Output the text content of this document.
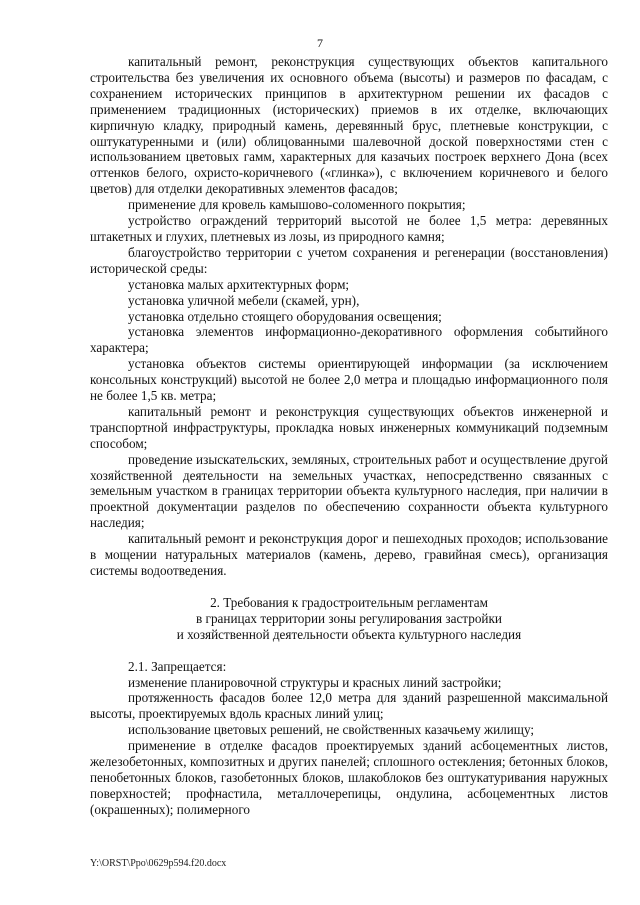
7

капитальный ремонт, реконструкция существующих объектов капитального строительства без увеличения их основного объема (высоты) и размеров по фасадам, с сохранением исторических принципов в архитектурном решении их фасадов с применением традиционных (исторических) приемов в их отделке, включающих кирпичную кладку, природный камень, деревянный брус, плетневые конструкции, с оштукатуренными и (или) облицованными шалевочной доской поверхностями стен с использованием цветовых гамм, характерных для казачьих построек верхнего Дона (всех оттенков белого, охристо-коричневого («глинка»), с включением коричневого и белого цветов) для отделки декоративных элементов фасадов;

применение для кровель камышово-соломенного покрытия;

устройство ограждений территорий высотой не более 1,5 метра: деревянных штакетных и глухих, плетневых из лозы, из природного камня;

благоустройство территории с учетом сохранения и регенерации (восстановления) исторической среды:

установка малых архитектурных форм;

установка уличной мебели (скамей, урн),

установка отдельно стоящего оборудования освещения;

установка элементов информационно-декоративного оформления событийного характера;

установка объектов системы ориентирующей информации (за исключением консольных конструкций) высотой не более 2,0 метра и площадью информационного поля не более 1,5 кв. метра;

капитальный ремонт и реконструкция существующих объектов инженерной и транспортной инфраструктуры, прокладка новых инженерных коммуникаций подземным способом;

проведение изыскательских, земляных, строительных работ и осуществление другой хозяйственной деятельности на земельных участках, непосредственно связанных с земельным участком в границах территории объекта культурного наследия, при наличии в проектной документации разделов по обеспечению сохранности объекта культурного наследия;

капитальный ремонт и реконструкция дорог и пешеходных проходов; использование в мощении натуральных материалов (камень, дерево, гравийная смесь), организация системы водоотведения.

2. Требования к градостроительным регламентам
в границах территории зоны регулирования застройки
и хозяйственной деятельности объекта культурного наследия

2.1. Запрещается:

изменение планировочной структуры и красных линий застройки;

протяженность фасадов более 12,0 метра для зданий разрешенной максимальной высоты, проектируемых вдоль красных линий улиц;

использование цветовых решений, не свойственных казачьему жилищу;

применение в отделке фасадов проектируемых зданий асбоцементных листов, железобетонных, композитных и других панелей; сплошного остекления; бетонных блоков, пенобетонных блоков, газобетонных блоков, шлакоблоков без оштукатуривания наружных поверхностей; профнастила, металлочерепицы, ондулина, асбоцементных листов (окрашенных); полимерного

Y:\ORST\Ppo\0629p594.f20.docx
